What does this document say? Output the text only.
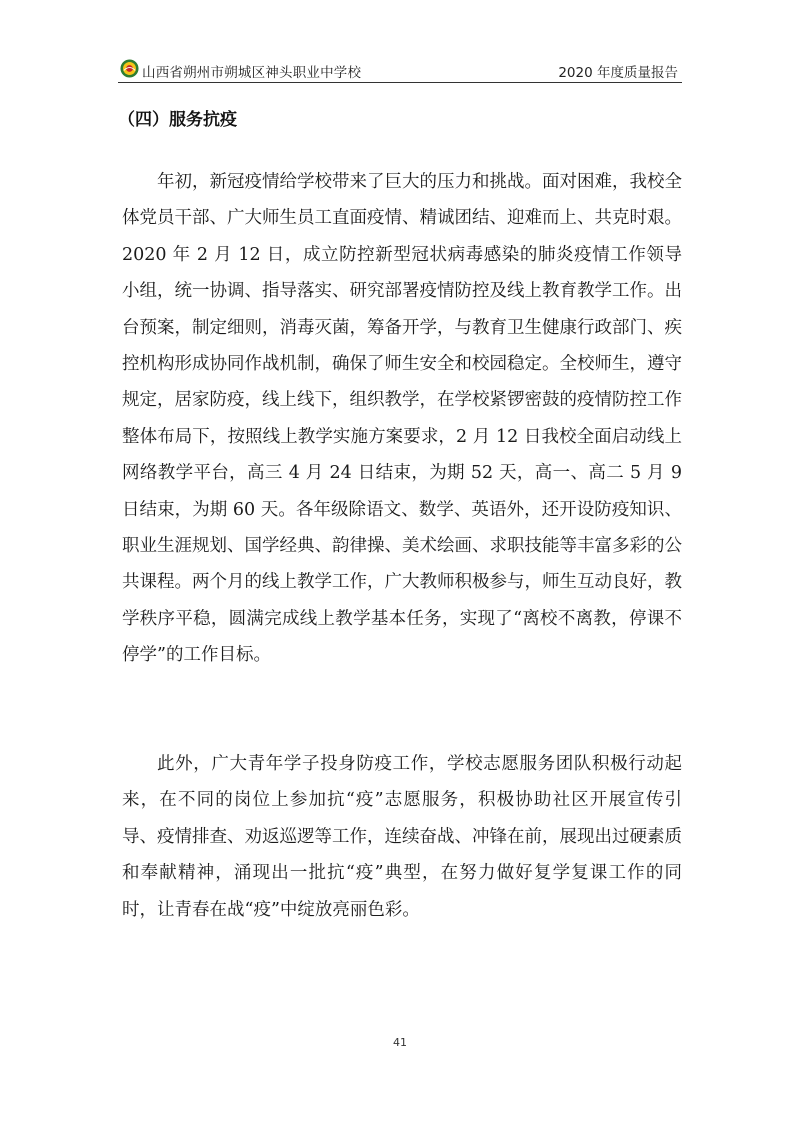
山西省朔州市朔城区神头职业中学校	2020 年度质量报告
（四）服务抗疫

年初，新冠疫情给学校带来了巨大的压力和挑战。面对困难，我校全体党员干部、广大师生员工直面疫情、精诚团结、迎难而上、共克时艰。2020 年 2 月 12 日，成立防控新型冠状病毒感染的肺炎疫情工作领导小组，统一协调、指导落实、研究部署疫情防控及线上教育教学工作。出台预案，制定细则，消毒灭菌，筹备开学，与教育卫生健康行政部门、疾控机构形成协同作战机制，确保了师生安全和校园稳定。全校师生，遵守规定，居家防疫，线上线下，组织教学，在学校紧锣密鼓的疫情防控工作整体布局下，按照线上教学实施方案要求，2 月 12 日我校全面启动线上网络教学平台，高三 4 月 24 日结束，为期 52 天，高一、高二 5 月 9 日结束，为期 60 天。各年级除语文、数学、英语外，还开设防疫知识、职业生涯规划、国学经典、韵律操、美术绘画、求职技能等丰富多彩的公共课程。两个月的线上教学工作，广大教师积极参与，师生互动良好，教学秩序平稳，圆满完成线上教学基本任务，实现了“离校不离教，停课不停学”的工作目标。

此外，广大青年学子投身防疫工作，学校志愿服务团队积极行动起来，在不同的岗位上参加抗“疫”志愿服务，积极协助社区开展宣传引导、疫情排查、劝返巡逻等工作，连续奋战、冲锋在前，展现出过硬素质和奉献精神，涌现出一批抗“疫”典型，在努力做好复学复课工作的同时，让青春在战“疫”中绽放亮丽色彩。

41
